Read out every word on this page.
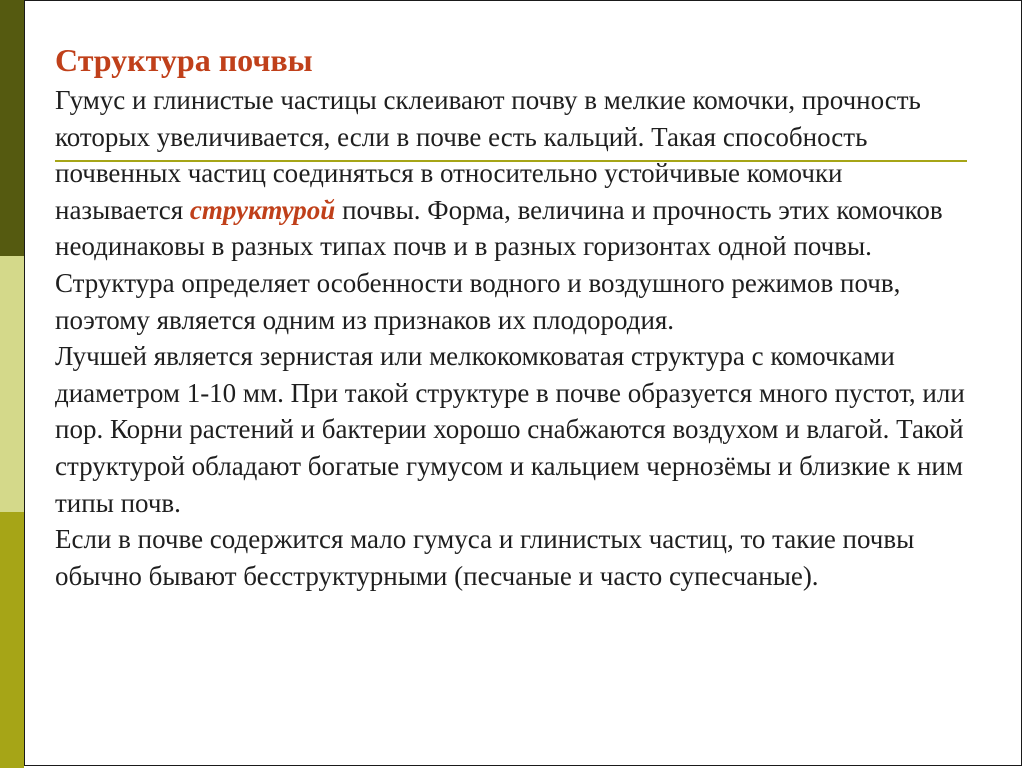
Структура почвы

Гумус и глинистые частицы склеивают почву в мелкие комочки, прочность которых увеличивается, если в почве есть кальций. Такая способность почвенных частиц соединяться в относительно устойчивые комочки называется структурой почвы. Форма, величина и прочность этих комочков неодинаковы в разных типах почв и в разных горизонтах одной почвы. Структура определяет особенности водного и воздушного режимов почв, поэтому является одним из признаков их плодородия.

Лучшей является зернистая или мелкокомковатая структура с комочками диаметром 1-10 мм. При такой структуре в почве образуется много пустот, или пор. Корни растений и бактерии хорошо снабжаются воздухом и влагой. Такой структурой обладают богатые гумусом и кальцием чернозёмы и близкие к ним типы почв.

Если в почве содержится мало гумуса и глинистых частиц, то такие почвы обычно бывают бесструктурными (песчаные и часто супесчаные).
